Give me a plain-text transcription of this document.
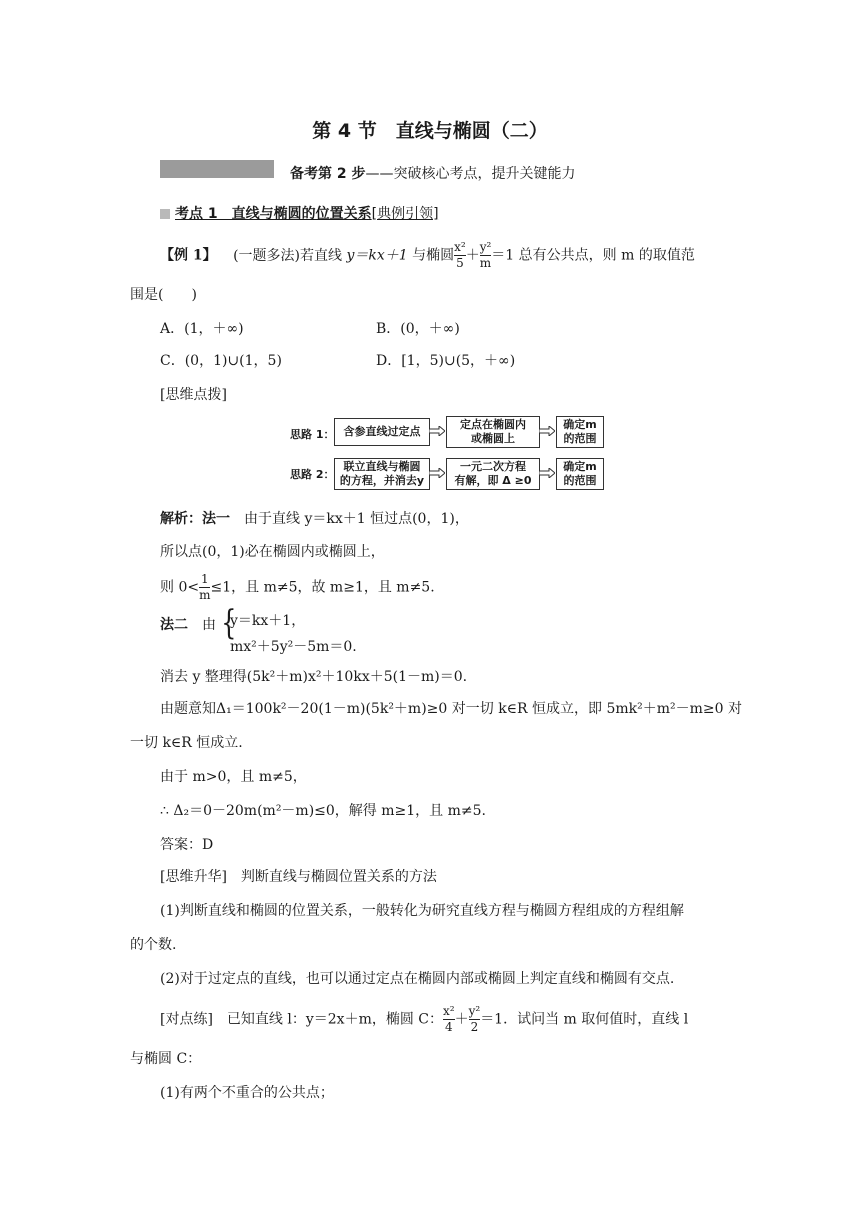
第 4 节　直线与椭圆（二）
备考第 2 步——突破核心考点，提升关键能力
考点 1　直线与椭圆的位置关系[典例引领]
【例 1】 (一题多法)若直线 y＝kx＋1 与椭圆 $\frac{\text{x²}}{5} + \frac{\text{y²}}{m} =1$ 总有公共点，则 m 的取值范
围是(　　)
A．(1，＋∞)	B．(0，＋∞)
C．(0，1)∪(1，5)	D．[1，5)∪(5，＋∞)
[思维点拨]
思路 1： 含参直线过定点
定点在椭圆内
或椭圆上
确定m
的范围
思路 2：
联立直线与椭圆
的方程，并消去y
一元二次方程
有解，即 Δ ≥0
确定m
的范围
解析：法一　由于直线 y＝kx＋1 恒过点(0，1)，
所以点(0，1)必在椭圆内或椭圆上，
则 $0< \frac{1}{m} \le 1$，且 m≠5，故 m≥1，且 m≠5.
法二　由 {
y＝kx＋1，
mx²＋5y²－5m＝0.
消去 y 整理得(5k²＋m)x²＋10kx＋5(1－m)＝0.
由题意知Δ₁＝100k²－20(1－m)(5k²＋m)≥0 对一切 k∈R 恒成立，即 5mk²＋m²－m≥0 对
一切 k∈R 恒成立.
由于 m>0，且 m≠5，
∴ Δ₂＝0－20m(m²－m)≤0，解得 m≥1，且 m≠5.
答案：D
[思维升华]　判断直线与椭圆位置关系的方法
(1)判断直线和椭圆的位置关系，一般转化为研究直线方程与椭圆方程组成的方程组解
的个数.
(2)对于过定点的直线，也可以通过定点在椭圆内部或椭圆上判定直线和椭圆有交点.
[对点练]　已知直线 l：y＝2x＋m，椭圆 C： $\frac{\text{x²}}{4} + \frac{\text{y²}}{2} =1$．试问当 m 取何值时，直线 l
与椭圆 C：
(1)有两个不重合的公共点；
